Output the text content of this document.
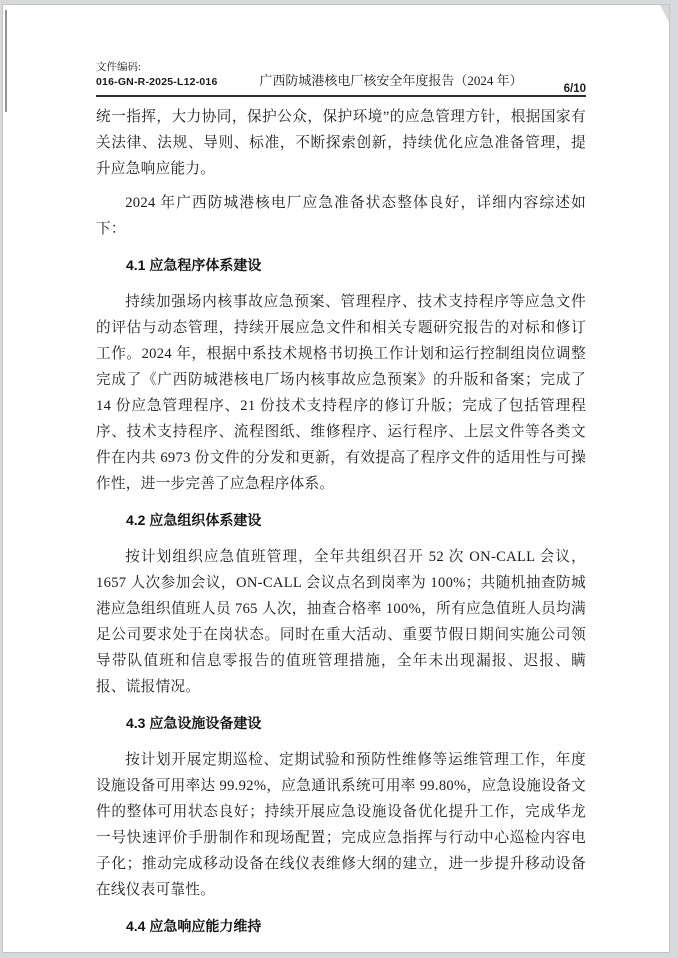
文件编码:
016-GN-R-2025-L12-016	广西防城港核电厂核安全年度报告（2024 年）
6/10

统一指挥，大力协同，保护公众，保护环境”的应急管理方针，根据国家有关法律、法规、导则、标准，不断探索创新，持续优化应急准备管理，提升应急响应能力。

2024 年广西防城港核电厂应急准备状态整体良好，详细内容综述如下：

4.1 应急程序体系建设

持续加强场内核事故应急预案、管理程序、技术支持程序等应急文件的评估与动态管理，持续开展应急文件和相关专题研究报告的对标和修订工作。2024 年，根据中系技术规格书切换工作计划和运行控制组岗位调整完成了《广西防城港核电厂场内核事故应急预案》的升版和备案；完成了 14 份应急管理程序、21 份技术支持程序的修订升版；完成了包括管理程序、技术支持程序、流程图纸、维修程序、运行程序、上层文件等各类文件在内共 6973 份文件的分发和更新，有效提高了程序文件的适用性与可操作性，进一步完善了应急程序体系。

4.2 应急组织体系建设

按计划组织应急值班管理，全年共组织召开 52 次 ON-CALL 会议，1657 人次参加会议，ON-CALL 会议点名到岗率为 100%；共随机抽查防城港应急组织值班人员 765 人次，抽查合格率 100%，所有应急值班人员均满足公司要求处于在岗状态。同时在重大活动、重要节假日期间实施公司领导带队值班和信息零报告的值班管理措施，全年未出现漏报、迟报、瞒报、谎报情况。

4.3 应急设施设备建设

按计划开展定期巡检、定期试验和预防性维修等运维管理工作，年度设施设备可用率达 99.92%，应急通讯系统可用率 99.80%，应急设施设备文件的整体可用状态良好；持续开展应急设施设备优化提升工作，完成华龙一号快速评价手册制作和现场配置；完成应急指挥与行动中心巡检内容电子化；推动完成移动设备在线仪表维修大纲的建立，进一步提升移动设备在线仪表可靠性。

4.4 应急响应能力维持
